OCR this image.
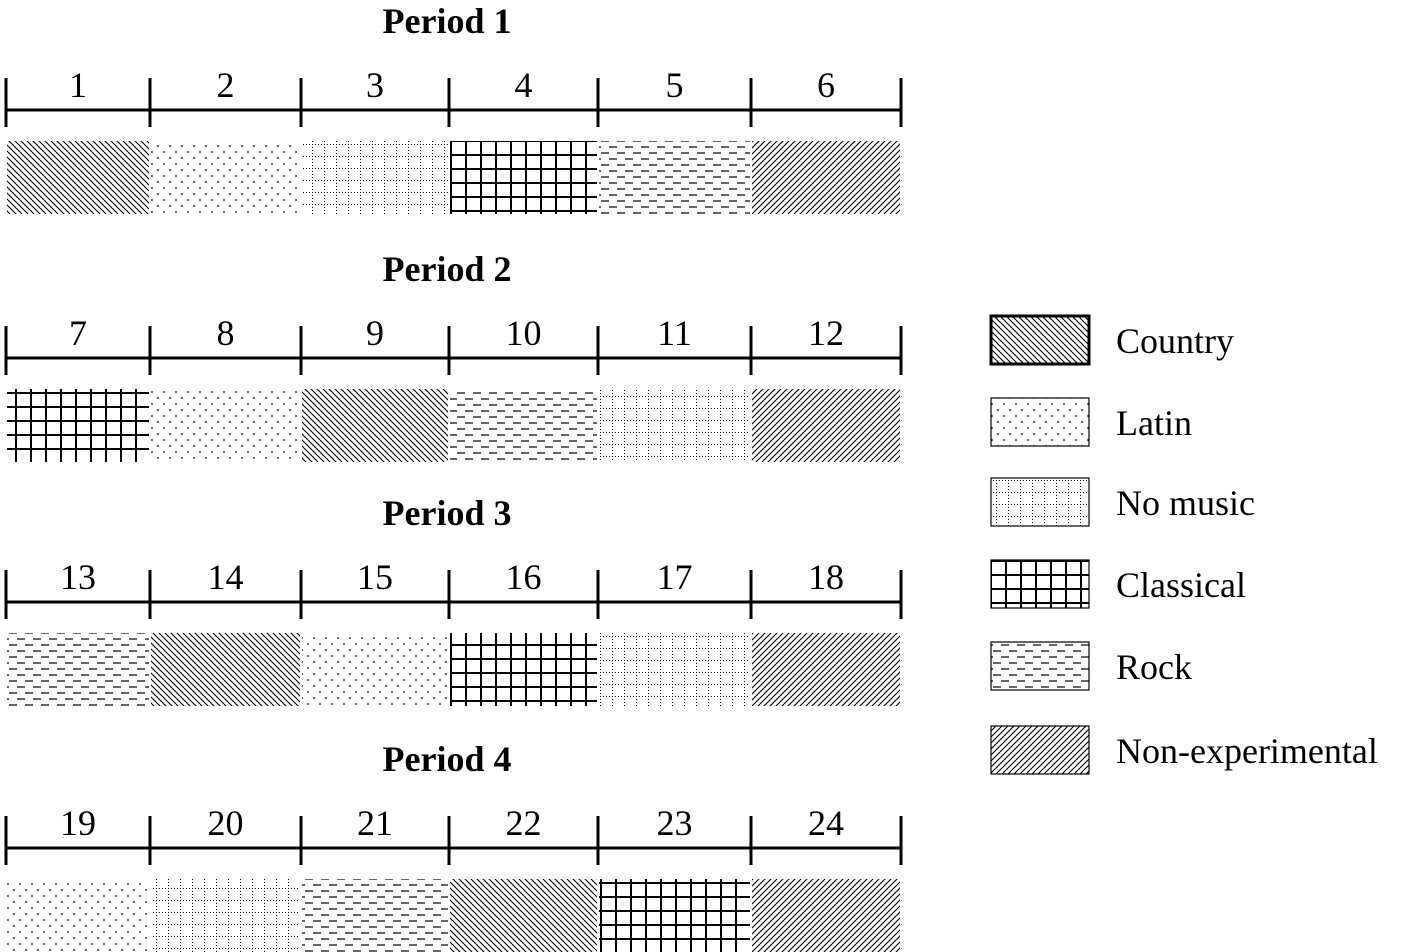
Period 1
1	2	3	4	5	6
Period 2
7	8	9	10	11	12
Period 3
13	14	15	16	17	18
Period 4
19	20	21	22	23	24
Country
Latin
No music
Classical
Rock
Non-experimental
